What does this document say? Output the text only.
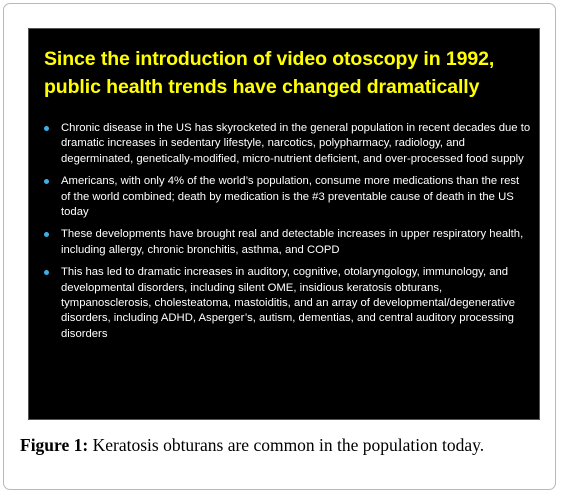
Since the introduction of video otoscopy in 1992, public health trends have changed dramatically
Chronic disease in the US has skyrocketed in the general population in recent decades due to dramatic increases in sedentary lifestyle, narcotics, polypharmacy, radiology, and degerminated, genetically-modified, micro-nutrient deficient, and over-processed food supply
Americans, with only 4% of the world’s population, consume more medications than the rest of the world combined; death by medication is the #3 preventable cause of death in the US today
These developments have brought real and detectable increases in upper respiratory health, including allergy, chronic bronchitis, asthma, and COPD
This has led to dramatic increases in auditory, cognitive, otolaryngology, immunology, and developmental disorders, including silent OME, insidious keratosis obturans, tympanosclerosis, cholesteatoma, mastoiditis, and an array of developmental/degenerative disorders, including ADHD, Asperger’s, autism, dementias, and central auditory processing disorders

Figure 1: Keratosis obturans are common in the population today.
